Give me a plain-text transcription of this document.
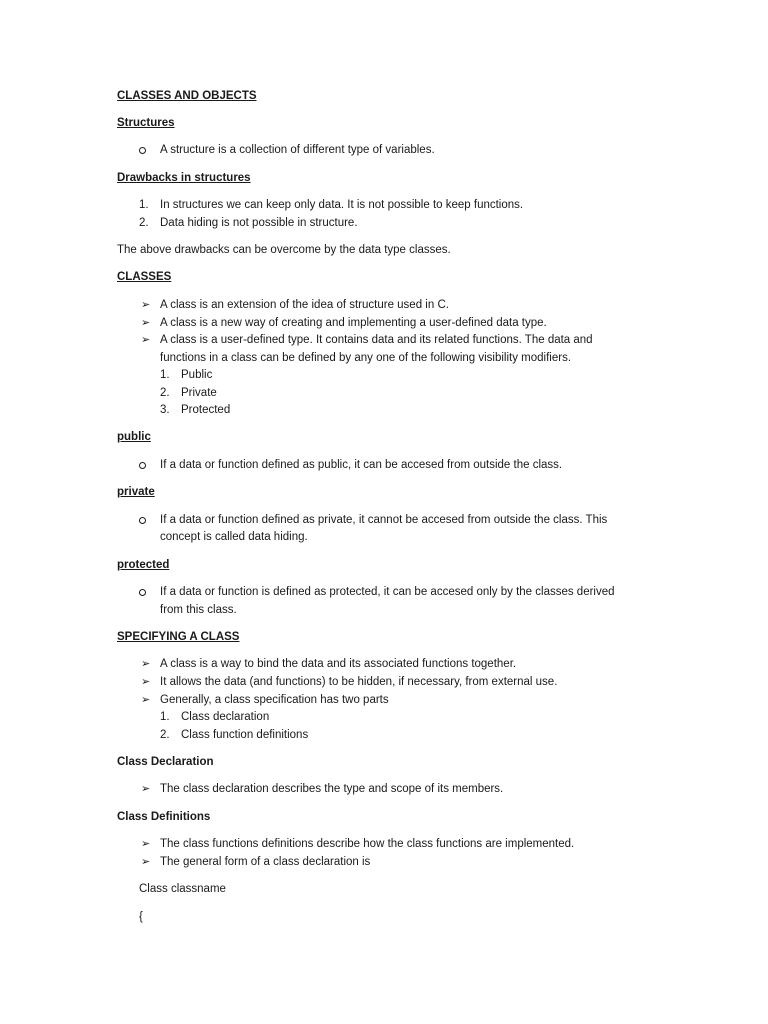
CLASSES AND OBJECTS
Structures
A structure is a collection of different type of variables.
Drawbacks in structures
1. In structures we can keep only data. It is not possible to keep functions.
2. Data hiding is not possible in structure.
The above drawbacks can be overcome by the data type classes.
CLASSES
➢ A class is an extension of the idea of structure used in C.
➢ A class is a new way of creating and implementing a user-defined data type.
➢ A class is a user-defined type. It contains data and its related functions. The data and
functions in a class can be defined by any one of the following visibility modifiers.
1. Public
2. Private
3. Protected
public
If a data or function defined as public, it can be accesed from outside the class.
private
If a data or function defined as private, it cannot be accesed from outside the class. This
concept is called data hiding.
protected
If a data or function is defined as protected, it can be accesed only by the classes derived
from this class.
SPECIFYING A CLASS
➢ A class is a way to bind the data and its associated functions together.
➢ It allows the data (and functions) to be hidden, if necessary, from external use.
➢ Generally, a class specification has two parts
1. Class declaration
2. Class function definitions
Class Declaration
➢ The class declaration describes the type and scope of its members.
Class Definitions
➢ The class functions definitions describe how the class functions are implemented.
➢ The general form of a class declaration is
Class classname
{
